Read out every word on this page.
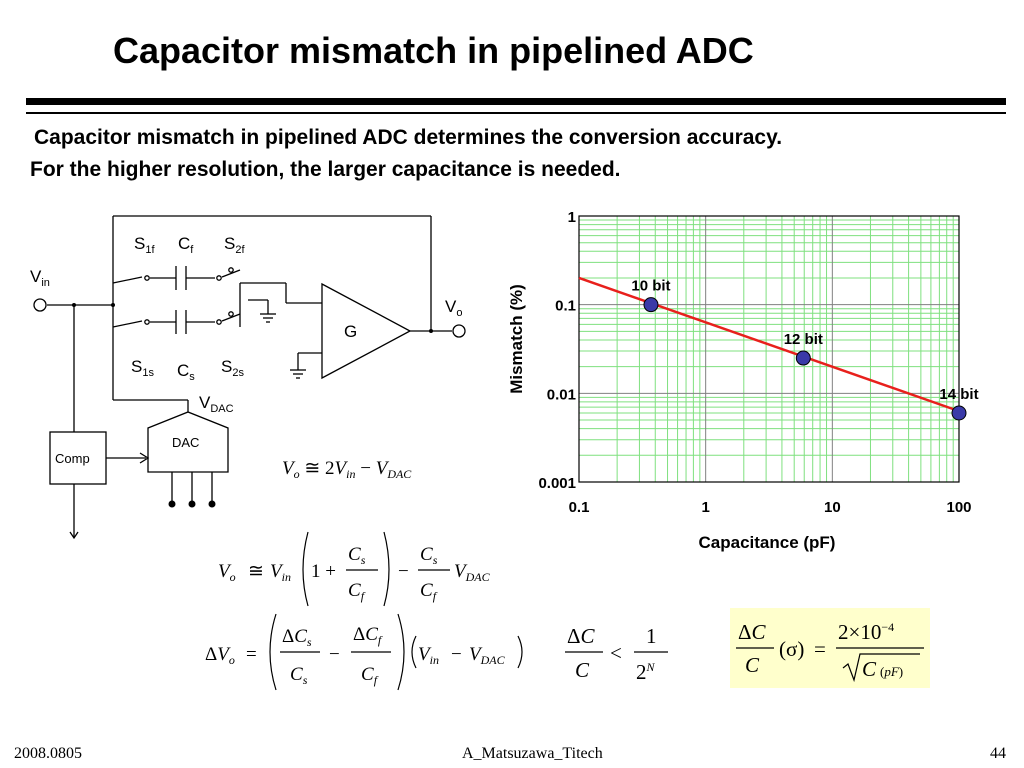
Capacitor mismatch in pipelined ADC
Capacitor mismatch in pipelined ADC determines the conversion accuracy.
For the higher resolution, the larger capacitance is needed.
$V_{in}$
$V_o$
$S_{1f}$ $C_f$ $S_{2f}$
$S_{1s}$ $C_s$
$S_{2s}$
$V_{DAC}$
G
DAC
Comp
10 bit
12 bit
14 bit
0.1	1	10	100
1
0.1
0.01
0.001
Capacitance (pF)
Mismatch (%)
$V_o$ ≅ $2V_{in} - V_{DAC}$
$V_o$ ≅ $V_{in}$ 1 +
$C_s$
$C_f$
−
$C_s$
$C_f$
$V_{DAC}$
$\Delta V_o$ =
$\Delta C_s$
$C_s$
−
$\Delta C_f$
$C_f$
$V_{in} - V_{DAC}$
ΔC
C
<
1
$2^N$
ΔC
C
(σ) =
$2\times 10^{-4}$
C (pF)
2008.0805	A_Matsuzawa_Titech	44
